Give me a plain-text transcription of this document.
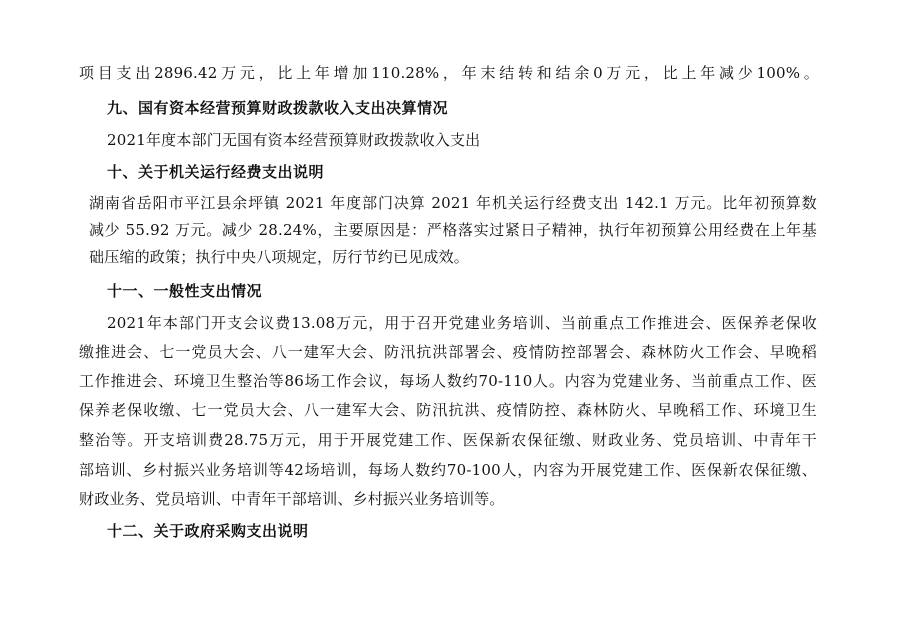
项目支出2896.42万元，比上年增加110.28%，年末结转和结余0万元，比上年减少100%。
九、国有资本经营预算财政拨款收入支出决算情况
2021年度本部门无国有资本经营预算财政拨款收入支出
十、关于机关运行经费支出说明
湖南省岳阳市平江县余坪镇 2021 年度部门决算 2021 年机关运行经费支出 142.1 万元。比年初预算数
减少 55.92 万元。减少 28.24%，主要原因是：严格落实过紧日子精神，执行年初预算公用经费在上年基
础压缩的政策；执行中央八项规定，厉行节约已见成效。
十一、一般性支出情况
2021年本部门开支会议费13.08万元，用于召开党建业务培训、当前重点工作推进会、医保养老保收
缴推进会、七一党员大会、八一建军大会、防汛抗洪部署会、疫情防控部署会、森林防火工作会、早晚稻
工作推进会、环境卫生整治等86场工作会议，每场人数约70-110人。内容为党建业务、当前重点工作、医
保养老保收缴、七一党员大会、八一建军大会、防汛抗洪、疫情防控、森林防火、早晚稻工作、环境卫生
整治等。开支培训费28.75万元，用于开展党建工作、医保新农保征缴、财政业务、党员培训、中青年干
部培训、乡村振兴业务培训等42场培训，每场人数约70-100人，内容为开展党建工作、医保新农保征缴、
财政业务、党员培训、中青年干部培训、乡村振兴业务培训等。
十二、关于政府采购支出说明
